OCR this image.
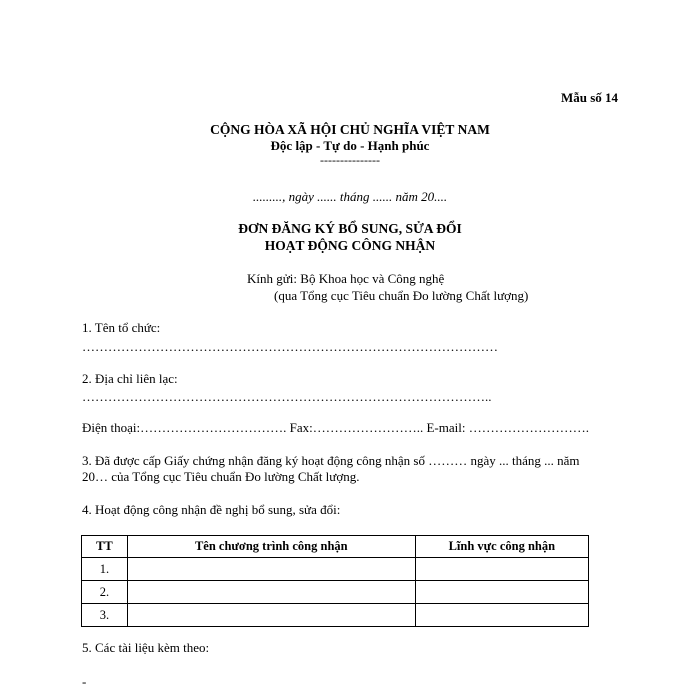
Mẫu số 14
CỘNG HÒA XÃ HỘI CHỦ NGHĨA VIỆT NAM
Độc lập - Tự do - Hạnh phúc
---------------
........., ngày ...... tháng ...... năm 20....
ĐƠN ĐĂNG KÝ BỔ SUNG, SỬA ĐỔI
HOẠT ĐỘNG CÔNG NHẬN
Kính gửi: Bộ Khoa học và Công nghệ
(qua Tổng cục Tiêu chuẩn Đo lường Chất lượng)
1. Tên tổ chức:
……………………………………………………………………………………
2. Địa chỉ liên lạc:
…………………………………………………………………………………..
Điện thoại:……………………………. Fax:…………………….. E-mail: ……………………….
3. Đã được cấp Giấy chứng nhận đăng ký hoạt động công nhận số ……… ngày ... tháng ... năm
20… của Tổng cục Tiêu chuẩn Đo lường Chất lượng.
4. Hoạt động công nhận đề nghị bổ sung, sửa đổi:
TT	Tên chương trình công nhận	Lĩnh vực công nhận
1.		
2.		
3.		
5. Các tài liệu kèm theo:
-
